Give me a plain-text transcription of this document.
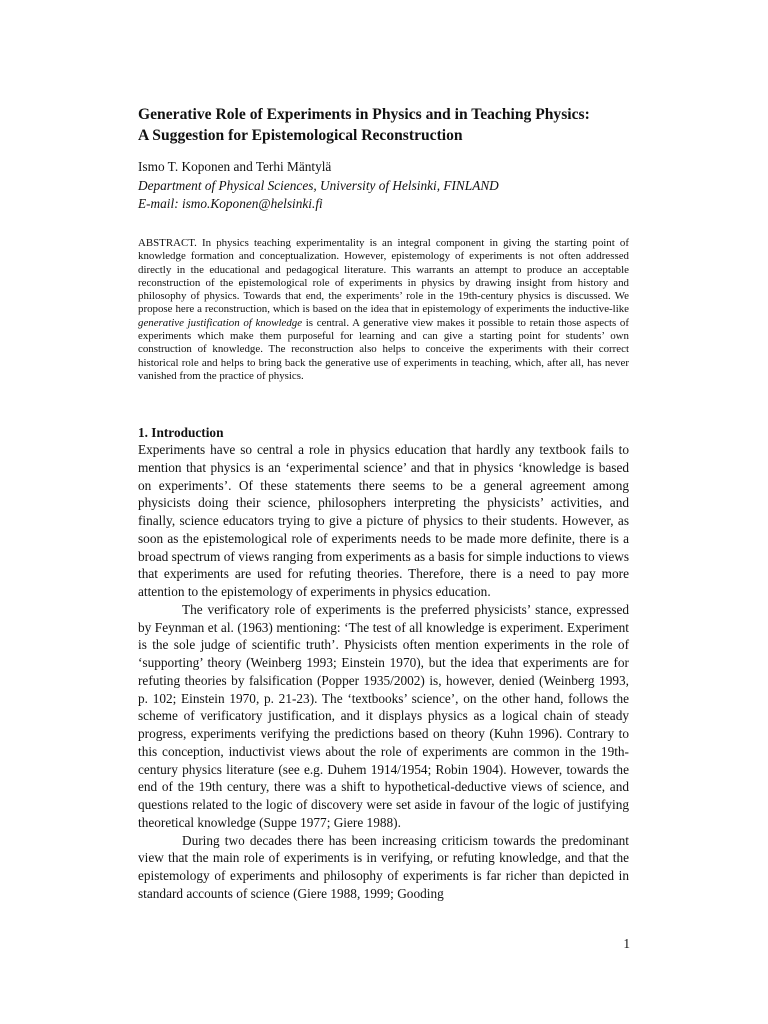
Generative Role of Experiments in Physics and in Teaching Physics:
A Suggestion for Epistemological Reconstruction
Ismo T. Koponen and Terhi Mäntylä
Department of Physical Sciences, University of Helsinki, FINLAND
E-mail: ismo.Koponen@helsinki.fi

ABSTRACT. In physics teaching experimentality is an integral component in giving the starting point of knowledge formation and conceptualization. However, epistemology of experiments is not often addressed directly in the educational and pedagogical literature. This warrants an attempt to produce an acceptable reconstruction of the epistemological role of experiments in physics by drawing insight from history and philosophy of physics. Towards that end, the experiments’ role in the 19th-century physics is discussed. We propose here a reconstruction, which is based on the idea that in epistemology of experiments the inductive-like generative justification of knowledge is central. A generative view makes it possible to retain those aspects of experiments which make them purposeful for learning and can give a starting point for students’ own construction of knowledge. The reconstruction also helps to conceive the experiments with their correct historical role and helps to bring back the generative use of experiments in teaching, which, after all, has never vanished from the practice of physics.

1. Introduction

Experiments have so central a role in physics education that hardly any textbook fails to mention that physics is an ‘experimental science’ and that in physics ‘knowledge is based on experiments’. Of these statements there seems to be a general agreement among physicists doing their science, philosophers interpreting the physicists’ activities, and finally, science educators trying to give a picture of physics to their students. However, as soon as the epistemological role of experiments needs to be made more definite, there is a broad spectrum of views ranging from experiments as a basis for simple inductions to views that experiments are used for refuting theories. Therefore, there is a need to pay more attention to the epistemology of experiments in physics education.

The verificatory role of experiments is the preferred physicists’ stance, expressed by Feynman et al. (1963) mentioning: ‘The test of all knowledge is experiment. Experiment is the sole judge of scientific truth’. Physicists often mention experiments in the role of ‘supporting’ theory (Weinberg 1993; Einstein 1970), but the idea that experiments are for refuting theories by falsification (Popper 1935/2002) is, however, denied (Weinberg 1993, p. 102; Einstein 1970, p. 21-23). The ‘textbooks’ science’, on the other hand, follows the scheme of verificatory justification, and it displays physics as a logical chain of steady progress, experiments verifying the predictions based on theory (Kuhn 1996). Contrary to this conception, inductivist views about the role of experiments are common in the 19th-century physics literature (see e.g. Duhem 1914/1954; Robin 1904). However, towards the end of the 19th century, there was a shift to hypothetical-deductive views of science, and questions related to the logic of discovery were set aside in favour of the logic of justifying theoretical knowledge (Suppe 1977; Giere 1988).

During two decades there has been increasing criticism towards the predominant view that the main role of experiments is in verifying, or refuting knowledge, and that the epistemology of experiments and philosophy of experiments is far richer than depicted in standard accounts of science (Giere 1988, 1999; Gooding

1
